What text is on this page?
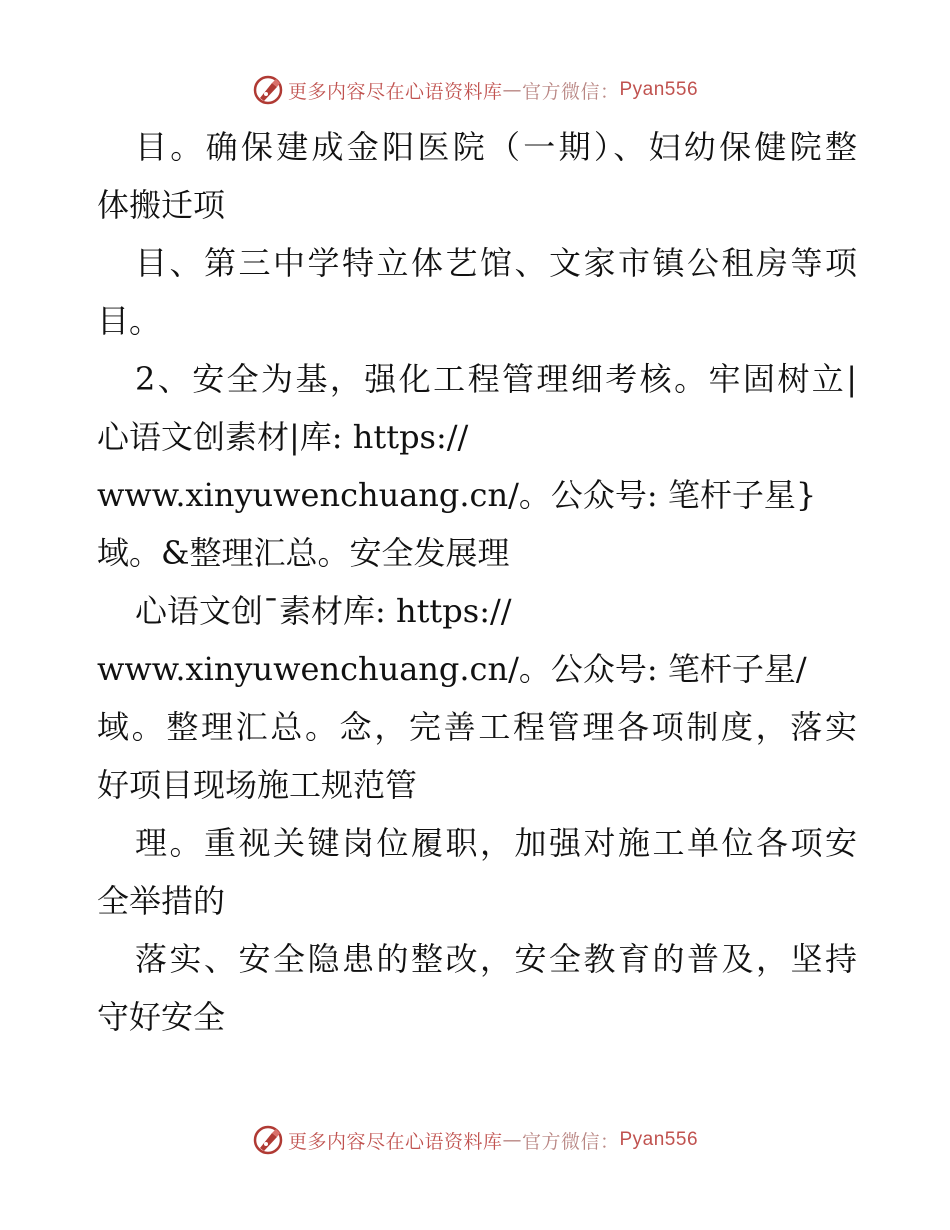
更多内容尽在心语资料库 — 官方微信： Pyan556
目。确保建成金阳医院（一期）、妇幼保健院整
体搬迁项
目、第三中学特立体艺馆、文家市镇公租房等项
目。
2、安全为基，强化工程管理细考核。牢固树立|
心语文创素材|库: https://
www.xinyuwenchuang.cn/。公众号: 笔杆子星}
域。&整理汇总。安全发展理
心语文创¯素材库: https://
www.xinyuwenchuang.cn/。公众号: 笔杆子星/
域。整理汇总。念，完善工程管理各项制度，落实
好项目现场施工规范管
理。重视关键岗位履职，加强对施工单位各项安
全举措的
落实、安全隐患的整改，安全教育的普及，坚持
守好安全
更多内容尽在心语资料库 — 官方微信： Pyan556
